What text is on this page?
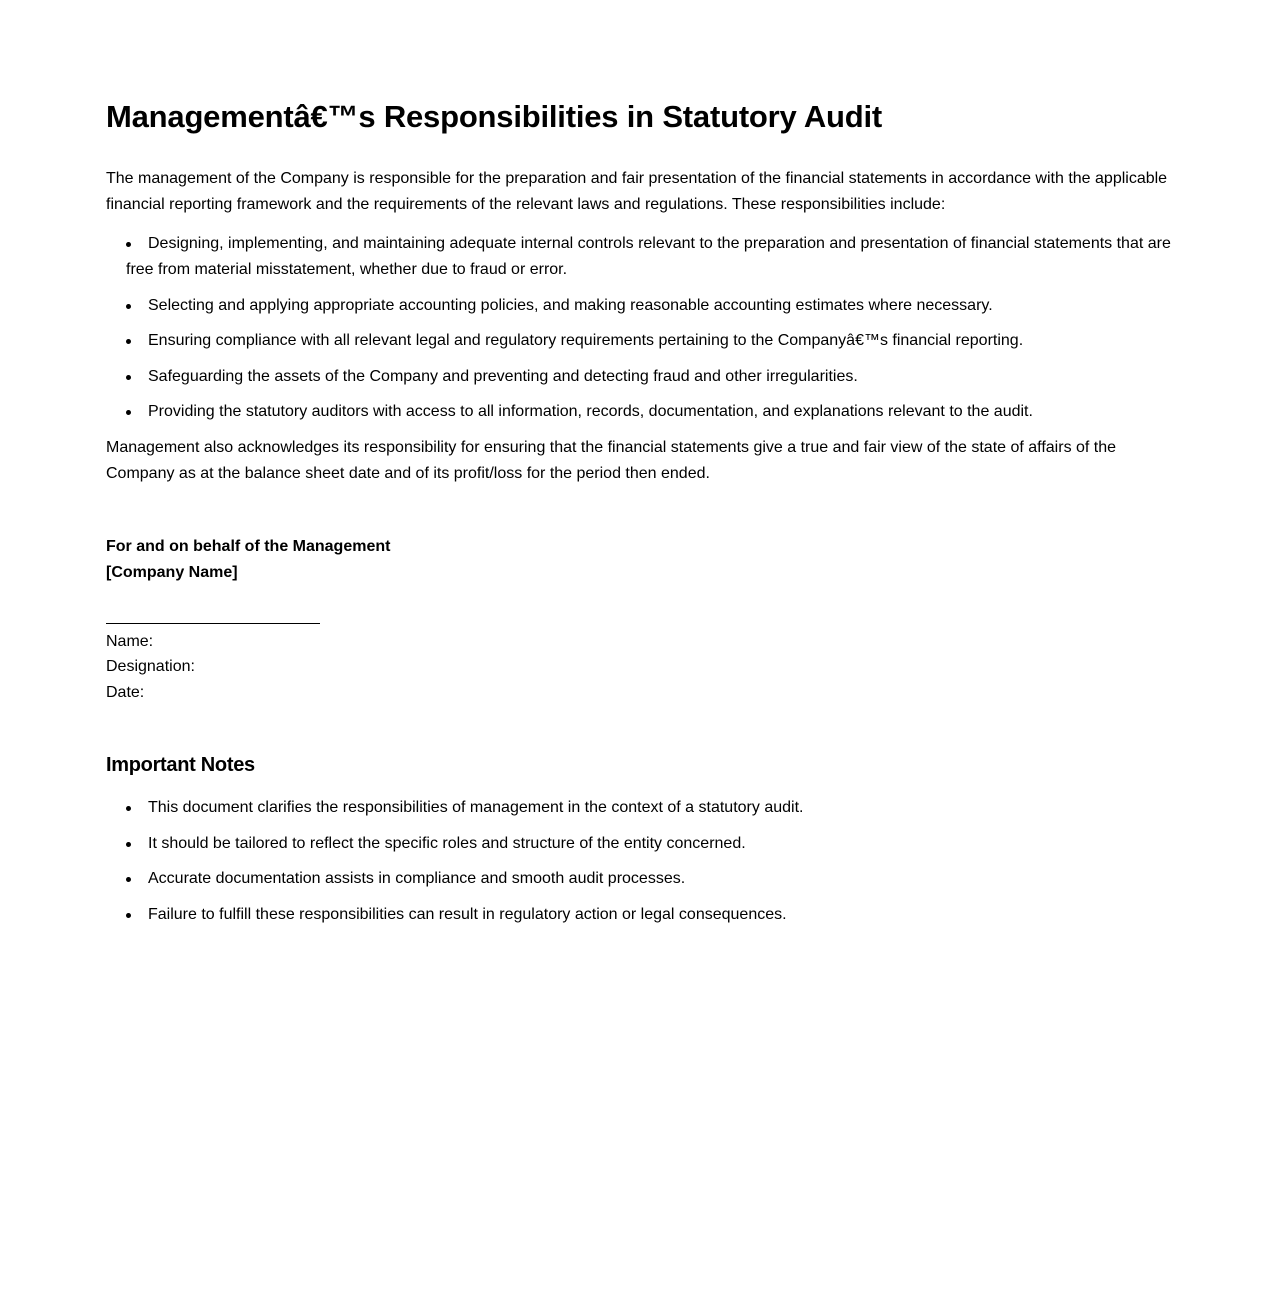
Managementâ€™s Responsibilities in Statutory Audit

The management of the Company is responsible for the preparation and fair presentation of the financial statements in accordance with the applicable financial reporting framework and the requirements of the relevant laws and regulations. These responsibilities include:

Designing, implementing, and maintaining adequate internal controls relevant to the preparation and presentation of financial statements that are free from material misstatement, whether due to fraud or error.
Selecting and applying appropriate accounting policies, and making reasonable accounting estimates where necessary.
Ensuring compliance with all relevant legal and regulatory requirements pertaining to the Companyâ€™s financial reporting.
Safeguarding the assets of the Company and preventing and detecting fraud and other irregularities.
Providing the statutory auditors with access to all information, records, documentation, and explanations relevant to the audit.

Management also acknowledges its responsibility for ensuring that the financial statements give a true and fair view of the state of affairs of the Company as at the balance sheet date and of its profit/loss for the period then ended.

For and on behalf of the Management

[Company Name]

Name:
Designation:
Date:
Important Notes
This document clarifies the responsibilities of management in the context of a statutory audit.
It should be tailored to reflect the specific roles and structure of the entity concerned.
Accurate documentation assists in compliance and smooth audit processes.
Failure to fulfill these responsibilities can result in regulatory action or legal consequences.
